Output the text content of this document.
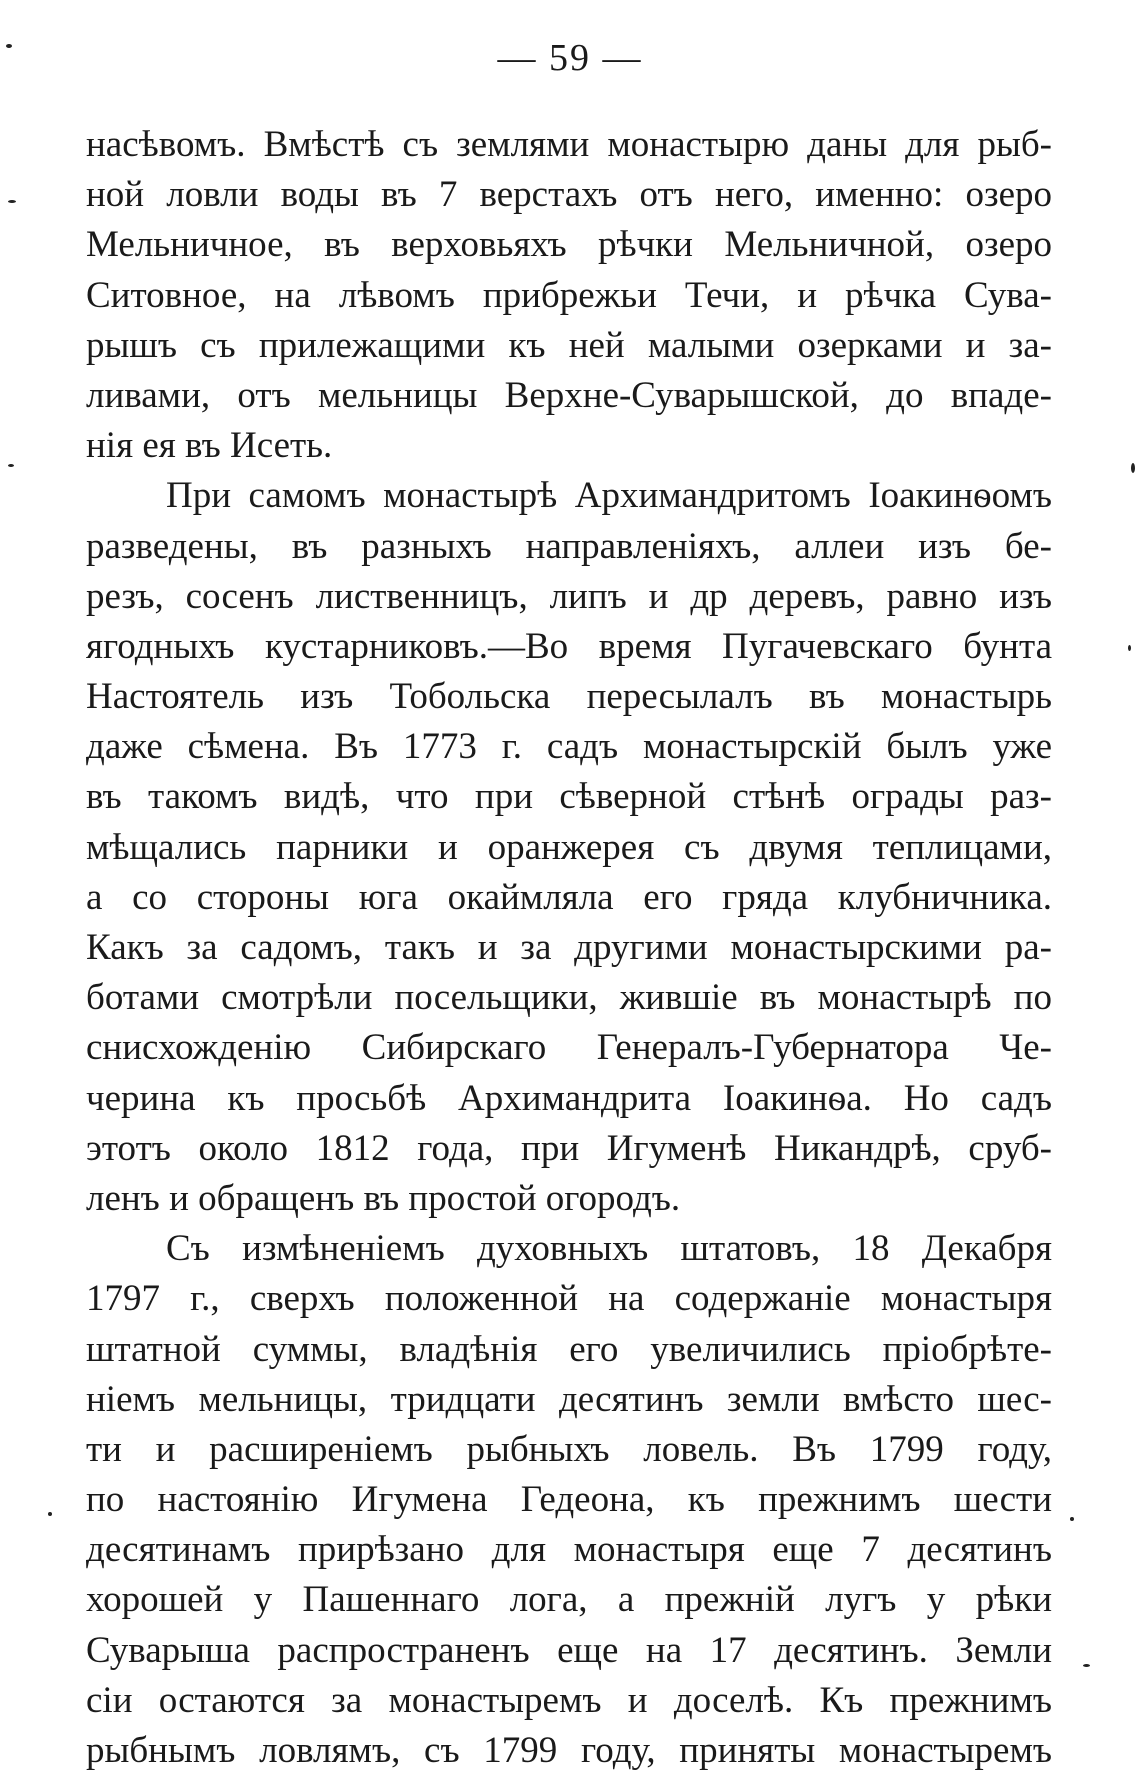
— 59 —
насѣвомъ. Вмѣстѣ съ землями монастырю даны для рыб-
ной ловли воды въ 7 верстахъ отъ него, именно: озеро
Мельничное, въ верховьяхъ рѣчки Мельничной, озеро
Ситовное, на лѣвомъ прибрежьи Течи, и рѣчка Сува-
рышъ съ прилежащими къ ней малыми озерками и за-
ливами, отъ мельницы Верхне-Суварышской, до впаде-
нія ея въ Исеть.
При самомъ монастырѣ Архимандритомъ Іоакинѳомъ
разведены, въ разныхъ направленіяхъ, аллеи изъ бе-
резъ, сосенъ лиственницъ, липъ и др деревъ, равно изъ
ягодныхъ кустарниковъ.—Во время Пугачевскаго бунта
Настоятель изъ Тобольска пересылалъ въ монастырь
даже сѣмена. Въ 1773 г. садъ монастырскій былъ уже
въ такомъ видѣ, что при сѣверной стѣнѣ ограды раз-
мѣщались парники и оранжерея съ двумя теплицами,
а со стороны юга окаймляла его гряда клубничника.
Какъ за садомъ, такъ и за другими монастырскими ра-
ботами смотрѣли посельщики, жившіе въ монастырѣ по
снисхожденію Сибирскаго Генералъ-Губернатора Че-
черина къ просьбѣ Архимандрита Іоакинѳа. Но садъ
этотъ около 1812 года, при Игуменѣ Никандрѣ, сруб-
ленъ и обращенъ въ простой огородъ.
Съ измѣненіемъ духовныхъ штатовъ, 18 Декабря
1797 г., сверхъ положенной на содержаніе монастыря
штатной суммы, владѣнія его увеличились пріобрѣте-
ніемъ мельницы, тридцати десятинъ земли вмѣсто шес-
ти и расширеніемъ рыбныхъ ловель. Въ 1799 году,
по настоянію Игумена Гедеона, къ прежнимъ шести
десятинамъ прирѣзано для монастыря еще 7 десятинъ
хорошей у Пашеннаго лога, а прежній лугъ у рѣки
Суварыша распространенъ еще на 17 десятинъ. Земли
сіи остаются за монастыремъ и доселѣ. Къ прежнимъ
рыбнымъ ловлямъ, съ 1799 году, приняты монастыремъ
